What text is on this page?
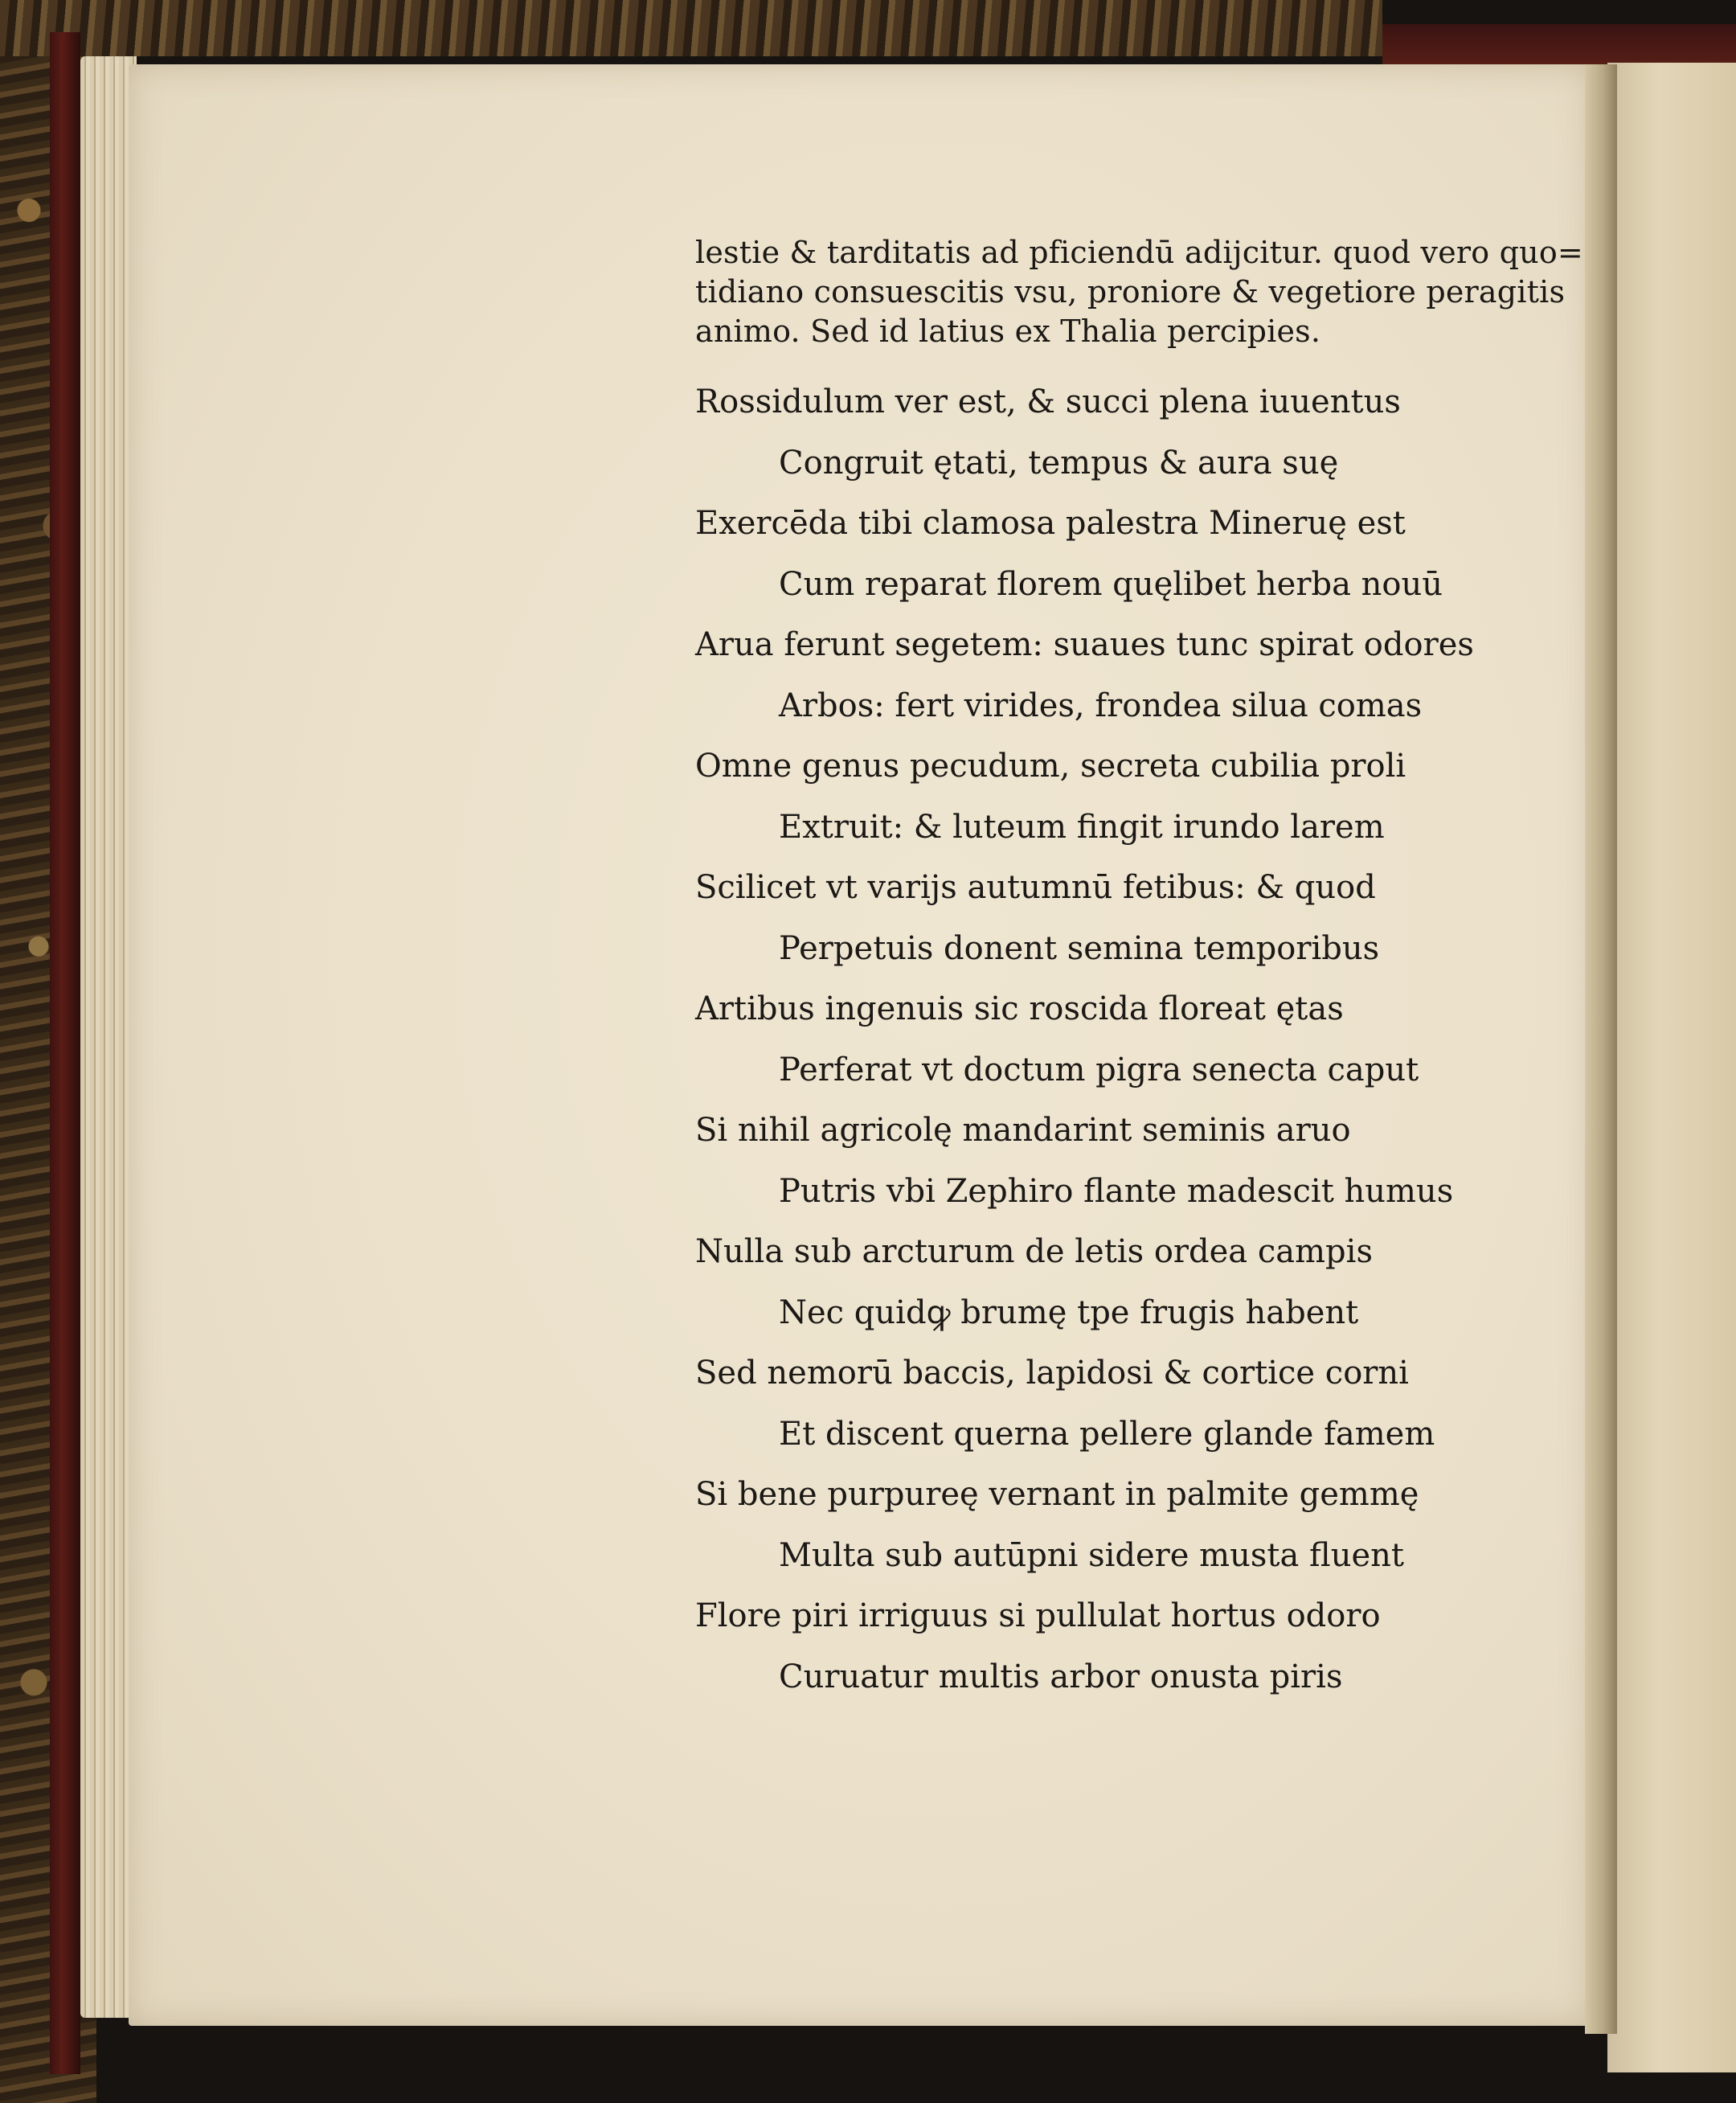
lestie & tarditatis ad pficiendū adijcitur. quod vero quo=
tidiano consuescitis vsu, proniore & vegetiore peragitis
animo. Sed id latius ex Thalia percipies.
Rossidulum ver est, & succi plena iuuentus
Congruit ętati, tempus & aura suę
Exercēda tibi clamosa palestra Mineruę est
Cum reparat florem quęlibet herba nouū
Arua ferunt segetem: suaues tunc spirat odores
Arbos: fert virides, frondea silua comas
Omne genus pecudum, secreta cubilia proli
Extruit: & luteum fingit irundo larem
Scilicet vt varijs autumnū fetibus: & quod
Perpetuis donent semina temporibus
Artibus ingenuis sic roscida floreat ętas
Perferat vt doctum pigra senecta caput
Si nihil agricolę mandarint seminis aruo
Putris vbi Zephiro flante madescit humus
Nulla sub arcturum de letis ordea campis
Nec quidꝙ brumę tpe frugis habent
Sed nemorū baccis, lapidosi & cortice corni
Et discent querna pellere glande famem
Si bene purpureę vernant in palmite gemmę
Multa sub autūpni sidere musta fluent
Flore piri irriguus si pullulat hortus odoro
Curuatur multis arbor onusta piris
